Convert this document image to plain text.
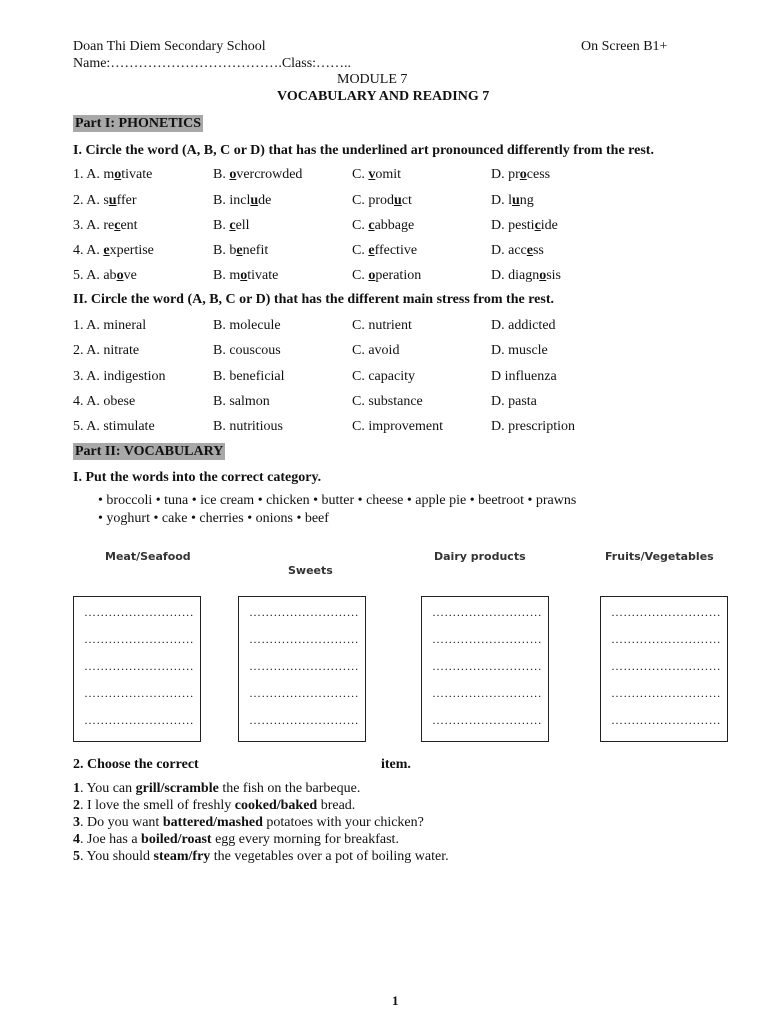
Doan Thi Diem Secondary School	On Screen B1+
Name:……………………………….Class:……..
MODULE 7
VOCABULARY AND READING 7
Part I: PHONETICS
I. Circle the word (A, B, C or D) that has the underlined art pronounced differently from the rest.
1. A. motivate	B. overcrowded	C. vomit	D. process
2. A. suffer	B. include	C. product	D. lung
3. A. recent	B. cell	C. cabbage	D. pesticide
4. A. expertise	B. benefit	C. effective	D. access
5. A. above	B. motivate	C. operation	D. diagnosis
II. Circle the word (A, B, C or D) that has the different main stress from the rest.
1. A. mineral	B. molecule	C. nutrient	D. addicted
2. A. nitrate	B. couscous	C. avoid	D. muscle
3. A. indigestion	B. beneficial	C. capacity	D influenza
4. A. obese	B. salmon	C. substance	D. pasta
5. A. stimulate	B. nutritious	C. improvement	D. prescription
Part II: VOCABULARY
I. Put the words into the correct category.
• broccoli • tuna • ice cream • chicken • butter • cheese • apple pie • beetroot • prawns
• yoghurt • cake • cherries • onions • beef
Meat/Seafood
Sweets
Dairy products	Fruits/Vegetables
………………………
………………………
………………………
………………………
………………………
………………………
………………………
………………………
………………………
………………………
………………………
………………………
………………………
………………………
………………………
………………………
………………………
………………………
………………………
………………………
2. Choose the correct	item.
1. You can grill/scramble the fish on the barbeque.
2. I love the smell of freshly cooked/baked bread.
3. Do you want battered/mashed potatoes with your chicken?
4. Joe has a boiled/roast egg every morning for breakfast.
5. You should steam/fry the vegetables over a pot of boiling water.
1
